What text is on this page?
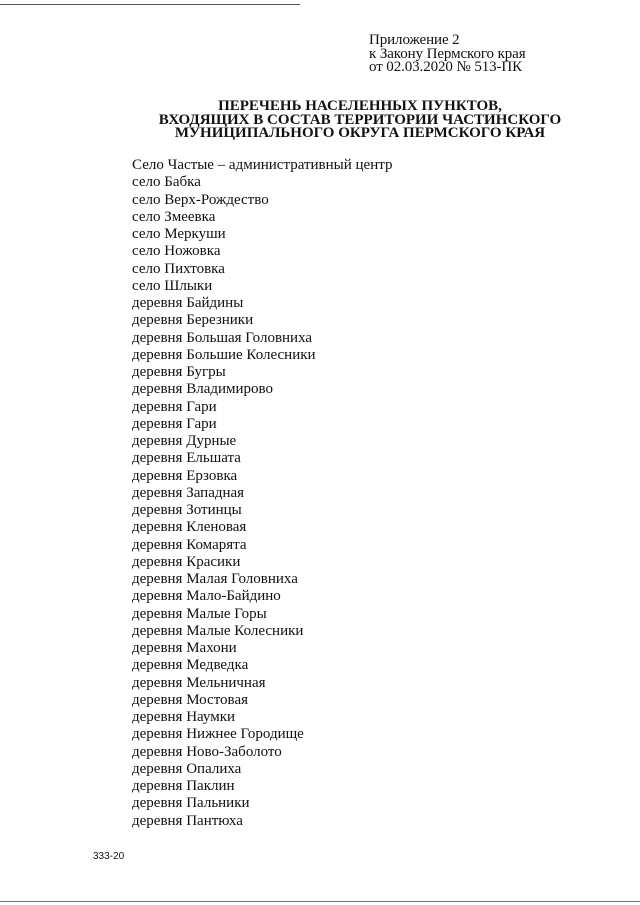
Приложение 2
к Закону Пермского края
от 02.03.2020 № 513-ПК
ПЕРЕЧЕНЬ НАСЕЛЕННЫХ ПУНКТОВ,
ВХОДЯЩИХ В СОСТАВ ТЕРРИТОРИИ ЧАСТИНСКОГО
МУНИЦИПАЛЬНОГО ОКРУГА ПЕРМСКОГО КРАЯ
Село Частые – административный центр
село Бабка
село Верх-Рождество
село Змеевка
село Меркуши
село Ножовка
село Пихтовка
село Шлыки
деревня Байдины
деревня Березники
деревня Большая Головниха
деревня Большие Колесники
деревня Бугры
деревня Владимирово
деревня Гари
деревня Гари
деревня Дурные
деревня Ельшата
деревня Ерзовка
деревня Западная
деревня Зотинцы
деревня Кленовая
деревня Комарята
деревня Красики
деревня Малая Головниха
деревня Мало-Байдино
деревня Малые Горы
деревня Малые Колесники
деревня Махони
деревня Медведка
деревня Мельничная
деревня Мостовая
деревня Наумки
деревня Нижнее Городище
деревня Ново-Заболото
деревня Опалиха
деревня Паклин
деревня Пальники
деревня Пантюха
333-20
